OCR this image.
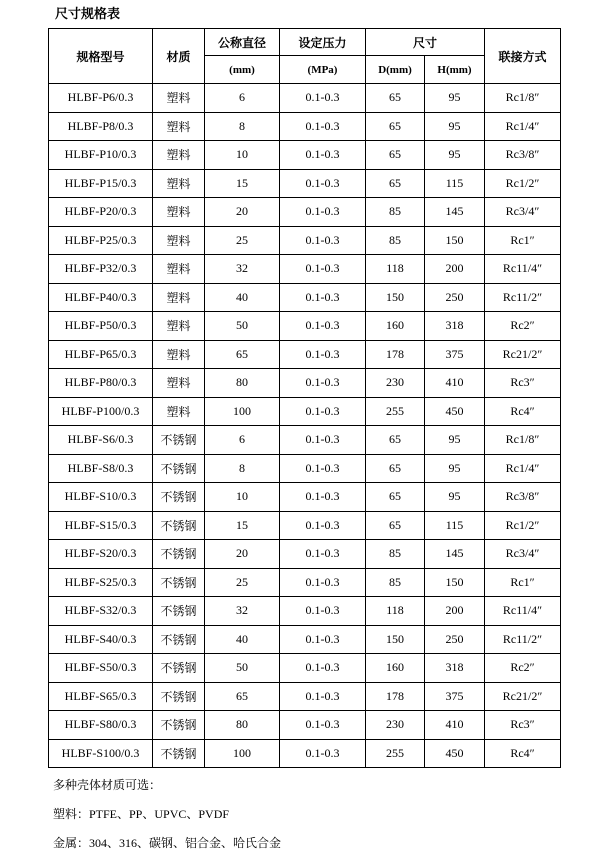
尺寸规格表
规格型号	材质	公称直径	设定压力	尺寸		联接方式
		(mm)	(MPa)	D(mm)	H(mm)	
HLBF-P6/0.3	塑料	6	0.1-0.3	65	95	Rc1/8″
HLBF-P8/0.3	塑料	8	0.1-0.3	65	95	Rc1/4″
HLBF-P10/0.3	塑料	10	0.1-0.3	65	95	Rc3/8″
HLBF-P15/0.3	塑料	15	0.1-0.3	65	115	Rc1/2″
HLBF-P20/0.3	塑料	20	0.1-0.3	85	145	Rc3/4″
HLBF-P25/0.3	塑料	25	0.1-0.3	85	150	Rc1″
HLBF-P32/0.3	塑料	32	0.1-0.3	118	200	Rc11/4″
HLBF-P40/0.3	塑料	40	0.1-0.3	150	250	Rc11/2″
HLBF-P50/0.3	塑料	50	0.1-0.3	160	318	Rc2″
HLBF-P65/0.3	塑料	65	0.1-0.3	178	375	Rc21/2″
HLBF-P80/0.3	塑料	80	0.1-0.3	230	410	Rc3″
HLBF-P100/0.3	塑料	100	0.1-0.3	255	450	Rc4″
HLBF-S6/0.3	不锈钢	6	0.1-0.3	65	95	Rc1/8″
HLBF-S8/0.3	不锈钢	8	0.1-0.3	65	95	Rc1/4″
HLBF-S10/0.3	不锈钢	10	0.1-0.3	65	95	Rc3/8″
HLBF-S15/0.3	不锈钢	15	0.1-0.3	65	115	Rc1/2″
HLBF-S20/0.3	不锈钢	20	0.1-0.3	85	145	Rc3/4″
HLBF-S25/0.3	不锈钢	25	0.1-0.3	85	150	Rc1″
HLBF-S32/0.3	不锈钢	32	0.1-0.3	118	200	Rc11/4″
HLBF-S40/0.3	不锈钢	40	0.1-0.3	150	250	Rc11/2″
HLBF-S50/0.3	不锈钢	50	0.1-0.3	160	318	Rc2″
HLBF-S65/0.3	不锈钢	65	0.1-0.3	178	375	Rc21/2″
HLBF-S80/0.3	不锈钢	80	0.1-0.3	230	410	Rc3″
HLBF-S100/0.3	不锈钢	100	0.1-0.3	255	450	Rc4″
多种壳体材质可选：
塑料：PTFE、PP、UPVC、PVDF
金属：304、316、碳钢、铝合金、哈氏合金
